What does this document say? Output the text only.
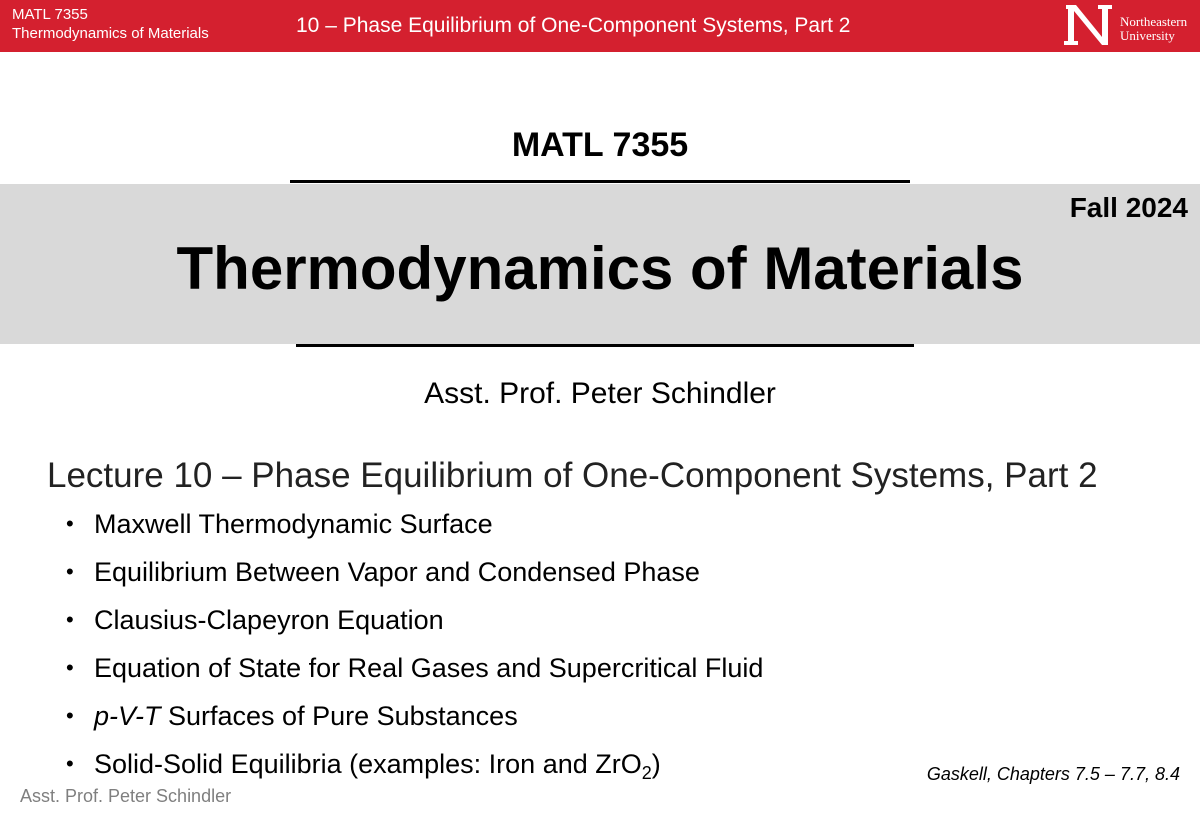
MATL 7355
Thermodynamics of Materials	10 – Phase Equilibrium of One-Component Systems, Part 2	Northeastern
University
MATL 7355
Fall 2024
Thermodynamics of Materials
Asst. Prof. Peter Schindler
Lecture 10 – Phase Equilibrium of One-Component Systems, Part 2
• Maxwell Thermodynamic Surface
• Equilibrium Between Vapor and Condensed Phase
• Clausius-Clapeyron Equation
• Equation of State for Real Gases and Supercritical Fluid
• p-V-T Surfaces of Pure Substances
• Solid-Solid Equilibria (examples: Iron and ZrO$_2$)	Gaskell, Chapters 7.5 – 7.7, 8.4
Asst. Prof. Peter Schindler
